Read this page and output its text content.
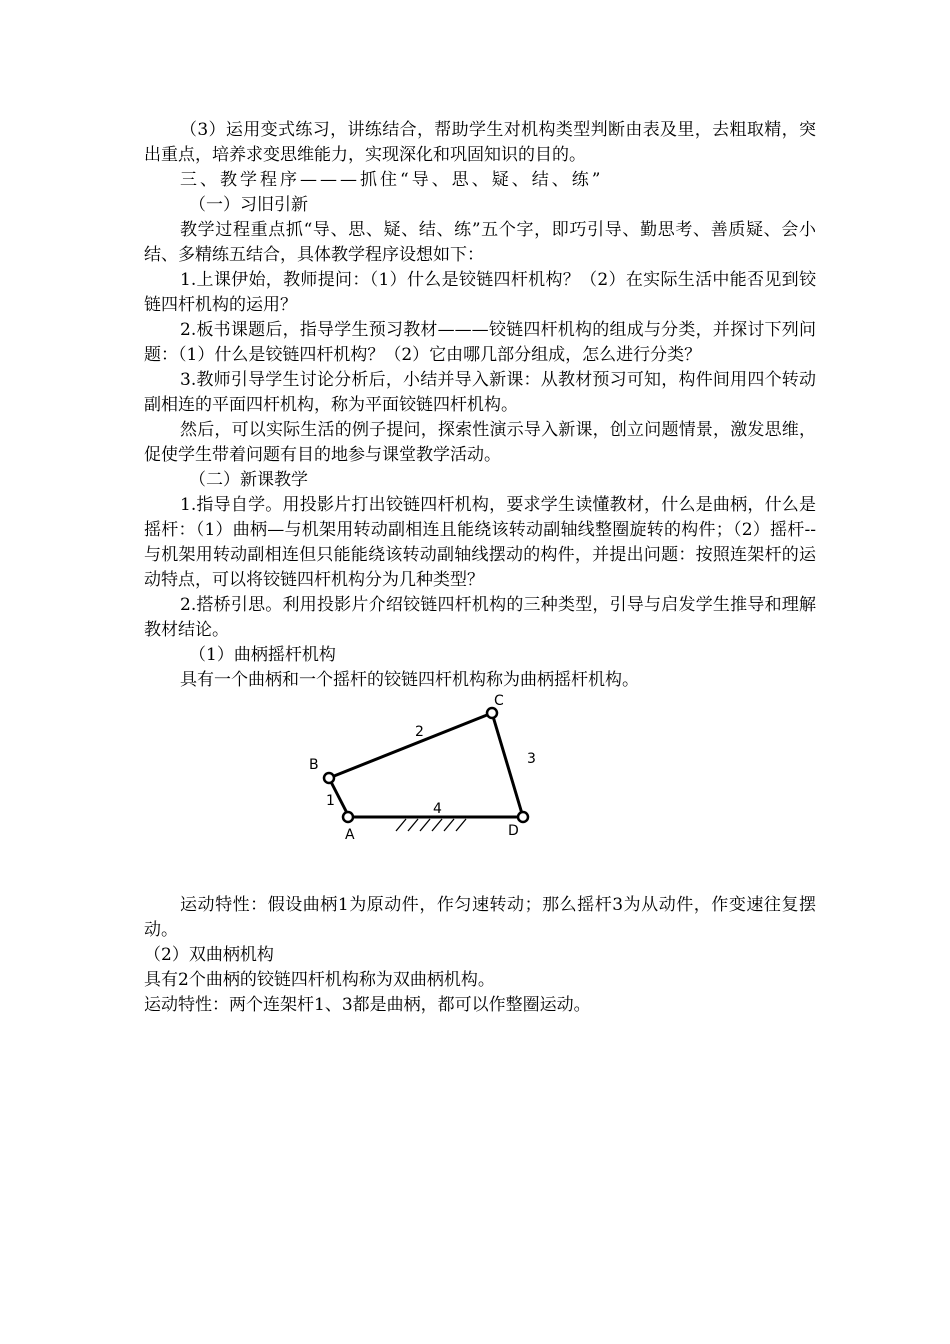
（3）运用变式练习，讲练结合，帮助学生对机构类型判断由表及里，去粗取精，突出重点，培养求变思维能力，实现深化和巩固知识的目的。

三、教学程序———抓住“导、思、疑、结、练”

（一）习旧引新

教学过程重点抓“导、思、疑、结、练”五个字，即巧引导、勤思考、善质疑、会小结、多精练五结合，具体教学程序设想如下：

1.上课伊始，教师提问：（1）什么是铰链四杆机构？（2）在实际生活中能否见到铰链四杆机构的运用？

2.板书课题后，指导学生预习教材———铰链四杆机构的组成与分类，并探讨下列问题：（1）什么是铰链四杆机构？（2）它由哪几部分组成，怎么进行分类？

3.教师引导学生讨论分析后，小结并导入新课：从教材预习可知，构件间用四个转动副相连的平面四杆机构，称为平面铰链四杆机构。

然后，可以实际生活的例子提问，探索性演示导入新课，创立问题情景，激发思维，促使学生带着问题有目的地参与课堂教学活动。

（二）新课教学

1.指导自学。用投影片打出铰链四杆机构，要求学生读懂教材，什么是曲柄，什么是摇杆：（1）曲柄—与机架用转动副相连且能绕该转动副轴线整圈旋转的构件；（2）摇杆--与机架用转动副相连但只能能绕该转动副轴线摆动的构件，并提出问题：按照连架杆的运动特点，可以将铰链四杆机构分为几种类型？

2.搭桥引思。利用投影片介绍铰链四杆机构的三种类型，引导与启发学生推导和理解教材结论。

（1）曲柄摇杆机构

具有一个曲柄和一个摇杆的铰链四杆机构称为曲柄摇杆机构。

B
C
A	D
1
2
3
4

运动特性：假设曲柄1为原动件，作匀速转动；那么摇杆3为从动件，作变速往复摆动。

（2）双曲柄机构

具有2个曲柄的铰链四杆机构称为双曲柄机构。

运动特性：两个连架杆1、3都是曲柄，都可以作整圈运动。
